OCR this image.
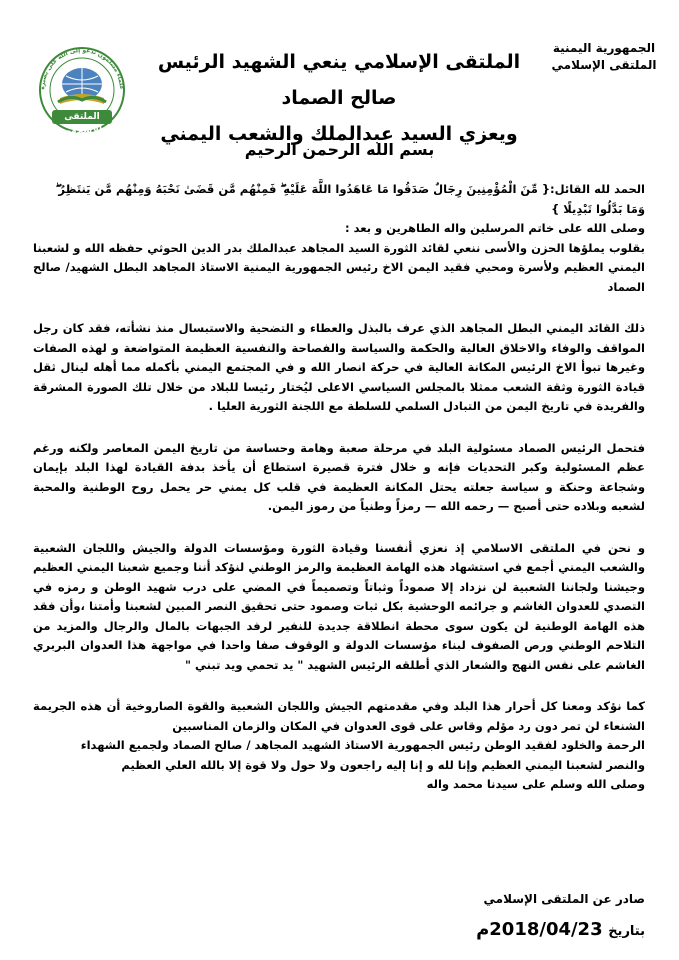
الجمهورية اليمنية
الملتقى الإسلامي
الملتقى الإسلامي ينعي الشهيد الرئيس صالح الصماد
ويعزي السيد عبدالملك والشعب اليمني
علماء مسلمون ندعو إلى الله على بصيرة
الملتقى الإسلامي
بسم الله الرحمن الرحيم

الحمد لله القائل:{ مِّنَ الْمُؤْمِنِينَ رِجَالٌ صَدَقُوا مَا عَاهَدُوا اللَّهَ عَلَيْهِ ۖ فَمِنْهُم مَّن قَضَىٰ نَحْبَهُ وَمِنْهُم مَّن يَنتَظِرُ ۖ
وَمَا بَدَّلُوا تَبْدِيلًا }
وصلى الله على خاتم المرسلين واله الطاهرين و بعد :

بقلوب يملؤها الحزن والأسى ننعي لقائد الثورة السيد المجاهد عبدالملك بدر الدين الحوثي حفظه الله و لشعبنا اليمني العظيم ولأسرة ومحبي فقيد اليمن الاخ رئيس الجمهورية اليمنية الاستاذ المجاهد البطل الشهيد/ صالح الصماد

ذلك القائد اليمني البطل المجاهد الذي عرف بالبذل والعطاء و التضحية والاستبسال منذ نشأته، فقد كان رجل المواقف والوفاء والاخلاق العالية والحكمة والسياسة والفصاحة والنفسية العظيمة المتواضعة و لهذه الصفات وغيرها تبوأ الاخ الرئيس المكانة العالية في حركة انصار الله و في المجتمع اليمني بأكمله مما أهله لينال ثقل قيادة الثورة وثقة الشعب ممثلا بالمجلس السياسي الاعلى ليُختار رئيسا للبلاد من خلال تلك الصورة المشرقة والفريدة في تاريخ اليمن من التبادل السلمي للسلطة مع اللجنة الثورية العليا .

فتحمل الرئيس الصماد مسئولية البلد في مرحلة صعبة وهامة وحساسة من تاريخ اليمن المعاصر ولكنه ورغم عظم المسئولية وكبر التحديات فإنه و خلال فترة قصيرة استطاع أن يأخذ بدفة القيادة لهذا البلد بإيمان وشجاعة وحنكة و سياسة جعلته يحتل المكانة العظيمة في قلب كل يمني حر يحمل روح الوطنية والمحبة لشعبه وبلاده حتى أصبح — رحمه الله — رمزاً وطنياً من رموز اليمن.

و نحن في الملتقى الاسلامي إذ نعزي أنفسنا وقيادة الثورة ومؤسسات الدولة والجيش واللجان الشعبية والشعب اليمني أجمع في استشهاد هذه الهامة العظيمة والرمز الوطني لنؤكد أننا وجميع شعبنا اليمني العظيم وجيشنا ولجاننا الشعبية لن نزداد إلا صموداً وثباتاً وتصميماً في المضي على درب شهيد الوطن و رمزه في التصدي للعدوان الغاشم و جرائمه الوحشية بكل ثبات وصمود حتى تحقيق النصر المبين لشعبنا وأمتنا ،وأن فقد هذه الهامة الوطنية لن يكون سوى محطة انطلاقة جديدة للنفير لرفد الجبهات بالمال والرجال والمزيد من التلاحم الوطني ورص الصفوف لبناء مؤسسات الدولة و الوقوف صفا واحدا في مواجهة هذا العدوان البربري الغاشم على نفس النهج والشعار الذي أطلقه الرئيس الشهيد " يد تحمي ويد تبني "

كما نؤكد ومعنا كل أحرار هذا البلد وفي مقدمتهم الجيش واللجان الشعبية والقوة الصاروخية أن هذه الجريمة الشنعاء لن تمر دون رد مؤلم وقاس على قوى العدوان في المكان والزمان المناسبين

الرحمة والخلود لفقيد الوطن رئيس الجمهورية الاستاذ الشهيد المجاهد / صالح الصماد ولجميع الشهداء
والنصر لشعبنا اليمني العظيم وإنا لله و إنا إليه راجعون ولا حول ولا قوة إلا بالله العلي العظيم
وصلى الله وسلم على سيدنا محمد واله
صادر عن الملتقى الإسلامي
بتاريخ 2018/04/23م
